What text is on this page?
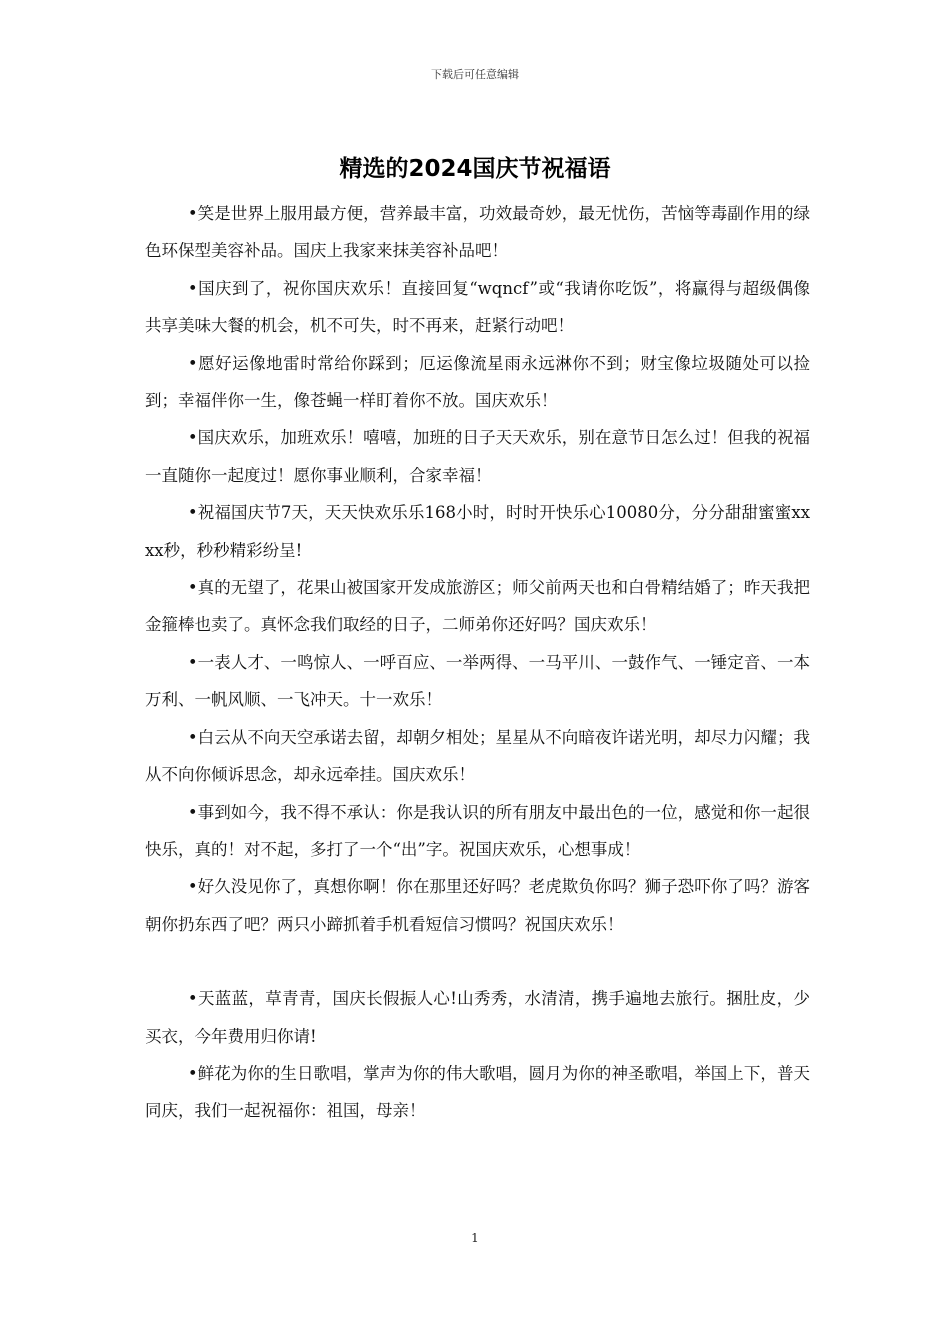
下载后可任意编辑
精选的2024国庆节祝福语

•笑是世界上服用最方便，营养最丰富，功效最奇妙，最无忧伤，苦恼等毒副作用的绿色环保型美容补品。国庆上我家来抹美容补品吧！

•国庆到了，祝你国庆欢乐！直接回复“wqncf”或“我请你吃饭”，将赢得与超级偶像共享美味大餐的机会，机不可失，时不再来，赶紧行动吧！

•愿好运像地雷时常给你踩到；厄运像流星雨永远淋你不到；财宝像垃圾随处可以捡到；幸福伴你一生，像苍蝇一样盯着你不放。国庆欢乐！

•国庆欢乐，加班欢乐！嘻嘻，加班的日子天天欢乐，别在意节日怎么过！但我的祝福一直随你一起度过！愿你事业顺利，合家幸福！

•祝福国庆节7天，天天快欢乐乐168小时，时时开快乐心10080分，分分甜甜蜜蜜xxxx秒，秒秒精彩纷呈!

•真的无望了，花果山被国家开发成旅游区；师父前两天也和白骨精结婚了；昨天我把金箍棒也卖了。真怀念我们取经的日子，二师弟你还好吗？国庆欢乐！

•一表人才、一鸣惊人、一呼百应、一举两得、一马平川、一鼓作气、一锤定音、一本万利、一帆风顺、一飞冲天。十一欢乐！

•白云从不向天空承诺去留，却朝夕相处；星星从不向暗夜许诺光明，却尽力闪耀；我从不向你倾诉思念，却永远牵挂。国庆欢乐！

•事到如今，我不得不承认：你是我认识的所有朋友中最出色的一位，感觉和你一起很快乐，真的！对不起，多打了一个“出”字。祝国庆欢乐，心想事成！

•好久没见你了，真想你啊！你在那里还好吗？老虎欺负你吗？狮子恐吓你了吗？游客朝你扔东西了吧？两只小蹄抓着手机看短信习惯吗？祝国庆欢乐！

•天蓝蓝，草青青，国庆长假振人心!山秀秀，水清清，携手遍地去旅行。捆肚皮，少买衣，今年费用归你请!

•鲜花为你的生日歌唱，掌声为你的伟大歌唱，圆月为你的神圣歌唱，举国上下，普天同庆，我们一起祝福你：祖国，母亲！

1
